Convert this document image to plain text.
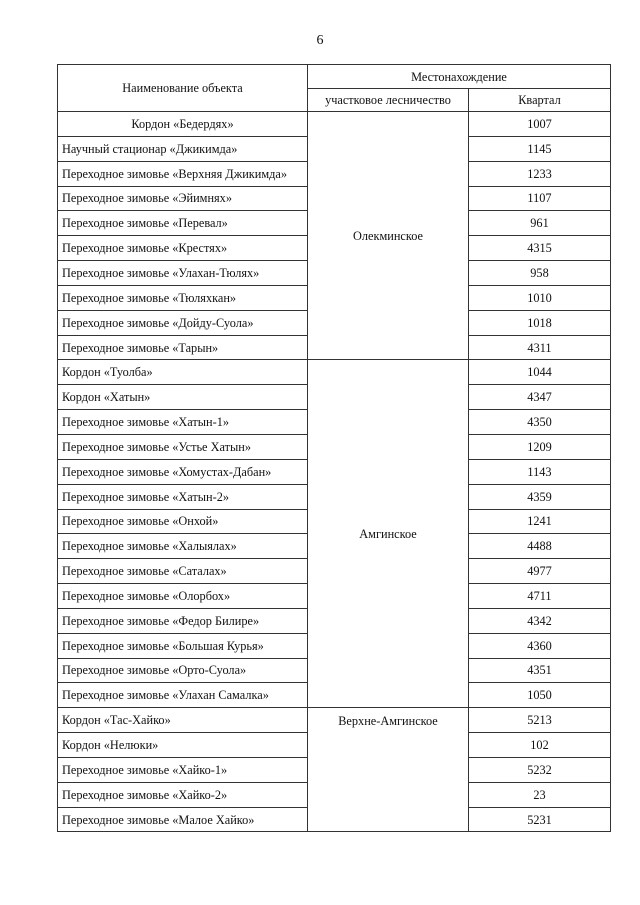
6
Наименование объекта	Местонахождение	
	участковое лесничество	Квартал
Кордон «Бедердях»	Олекминское	1007
Научный стационар «Джикимда»		1145
Переходное зимовье «Верхняя Джикимда»		1233
Переходное зимовье «Эйимнях»		1107
Переходное зимовье «Перевал»		961
Переходное зимовье «Крестях»		4315
Переходное зимовье «Улахан-Тюлях»		958
Переходное зимовье «Тюляхкан»		1010
Переходное зимовье «Дойду-Суола»		1018
Переходное зимовье «Тарын»		4311
Кордон «Туолба»	Амгинское	1044
Кордон «Хатын»		4347
Переходное зимовье «Хатын-1»		4350
Переходное зимовье «Устье Хатын»		1209
Переходное зимовье «Хомустах-Дабан»		1143
Переходное зимовье «Хатын-2»		4359
Переходное зимовье «Онхой»		1241
Переходное зимовье «Халыялах»		4488
Переходное зимовье «Саталах»		4977
Переходное зимовье «Олорбох»		4711
Переходное зимовье «Федор Билире»		4342
Переходное зимовье «Большая Курья»		4360
Переходное зимовье «Орто-Суола»		4351
Переходное зимовье «Улахан Самалка»		1050
Кордон «Тас-Хайко»	Верхне-Амгинское	5213
Кордон «Нелюки»		102
Переходное зимовье «Хайко-1»		5232
Переходное зимовье «Хайко-2»		23
Переходное зимовье «Малое Хайко»		5231
